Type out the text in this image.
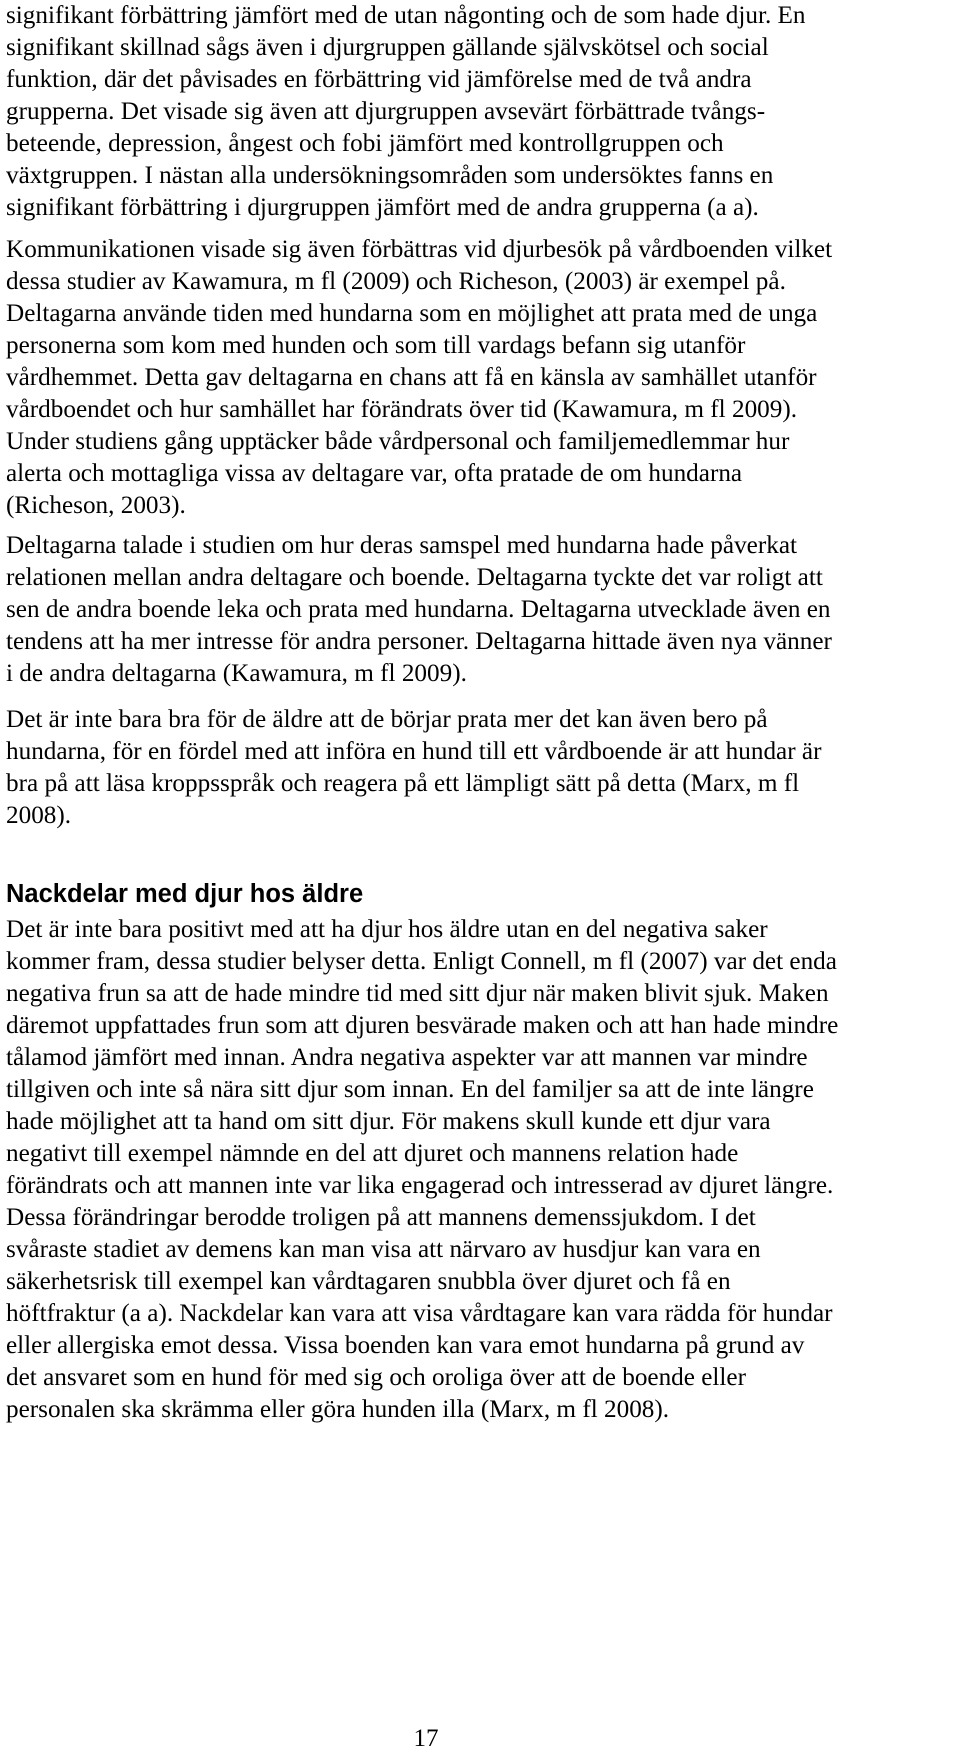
signifikant förbättring jämfört med de utan någonting och de som hade djur. En
signifikant skillnad sågs även i djurgruppen gällande självskötsel och social
funktion, där det påvisades en förbättring vid jämförelse med de två andra
grupperna. Det visade sig även att djurgruppen avsevärt förbättrade tvångs-
beteende, depression, ångest och fobi jämfört med kontrollgruppen och
växtgruppen. I nästan alla undersökningsområden som undersöktes fanns en
signifikant förbättring i djurgruppen jämfört med de andra grupperna (a a).

Kommunikationen visade sig även förbättras vid djurbesök på vårdboenden vilket
dessa studier av Kawamura, m fl (2009) och Richeson, (2003) är exempel på.
Deltagarna använde tiden med hundarna som en möjlighet att prata med de unga
personerna som kom med hunden och som till vardags befann sig utanför
vårdhemmet. Detta gav deltagarna en chans att få en känsla av samhället utanför
vårdboendet och hur samhället har förändrats över tid (Kawamura, m fl 2009).
Under studiens gång upptäcker både vårdpersonal och familjemedlemmar hur
alerta och mottagliga vissa av deltagare var, ofta pratade de om hundarna
(Richeson, 2003).

Deltagarna talade i studien om hur deras samspel med hundarna hade påverkat
relationen mellan andra deltagare och boende. Deltagarna tyckte det var roligt att
sen de andra boende leka och prata med hundarna. Deltagarna utvecklade även en
tendens att ha mer intresse för andra personer. Deltagarna hittade även nya vänner
i de andra deltagarna (Kawamura, m fl 2009).

Det är inte bara bra för de äldre att de börjar prata mer det kan även bero på
hundarna, för en fördel med att införa en hund till ett vårdboende är att hundar är
bra på att läsa kroppsspråk och reagera på ett lämpligt sätt på detta (Marx, m fl
2008).

Nackdelar med djur hos äldre

Det är inte bara positivt med att ha djur hos äldre utan en del negativa saker
kommer fram, dessa studier belyser detta. Enligt Connell, m fl (2007) var det enda
negativa frun sa att de hade mindre tid med sitt djur när maken blivit sjuk. Maken
däremot uppfattades frun som att djuren besvärade maken och att han hade mindre
tålamod jämfört med innan. Andra negativa aspekter var att mannen var mindre
tillgiven och inte så nära sitt djur som innan. En del familjer sa att de inte längre
hade möjlighet att ta hand om sitt djur. För makens skull kunde ett djur vara
negativt till exempel nämnde en del att djuret och mannens relation hade
förändrats och att mannen inte var lika engagerad och intresserad av djuret längre.
Dessa förändringar berodde troligen på att mannens demenssjukdom. I det
svåraste stadiet av demens kan man visa att närvaro av husdjur kan vara en
säkerhetsrisk till exempel kan vårdtagaren snubbla över djuret och få en
höftfraktur (a a). Nackdelar kan vara att visa vårdtagare kan vara rädda för hundar
eller allergiska emot dessa. Vissa boenden kan vara emot hundarna på grund av
det ansvaret som en hund för med sig och oroliga över att de boende eller
personalen ska skrämma eller göra hunden illa (Marx, m fl 2008).

17
